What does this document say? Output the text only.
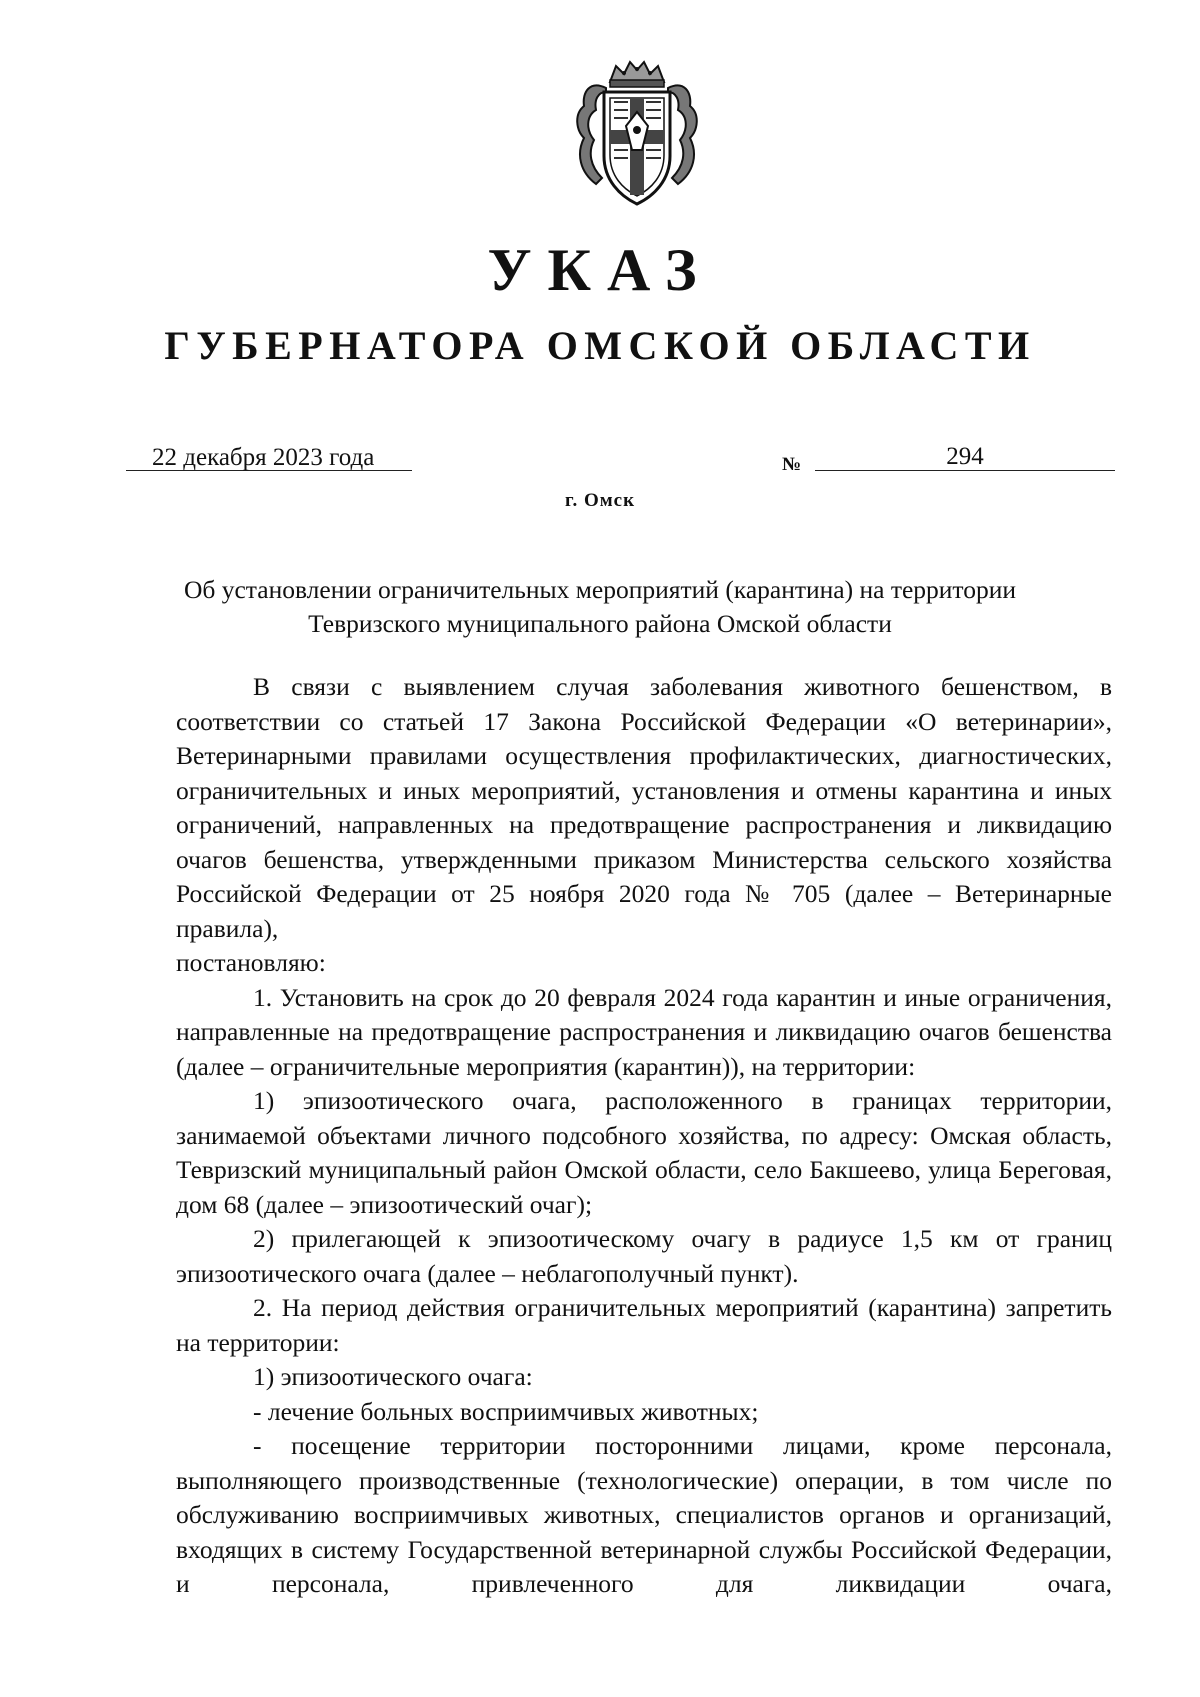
УКАЗ
ГУБЕРНАТОРА ОМСКОЙ ОБЛАСТИ
22 декабря 2023 года	№	294
г. Омск
Об установлении ограничительных мероприятий (карантина) на территории
Тевризского муниципального района Омской области

В связи с выявлением случая заболевания животного бешенством, в соответствии со статьей 17 Закона Российской Федерации «О ветеринарии», Ветеринарными правилами осуществления профилактических, диагностических, ограничительных и иных мероприятий, установления и отмены карантина и иных ограничений, направленных на предотвращение распространения и ликвидацию очагов бешенства, утвержденными приказом Министерства сельского хозяйства Российской Федерации от 25 ноября 2020 года № 705 (далее – Ветеринарные правила),

постановляю:

1. Установить на срок до 20 февраля 2024 года карантин и иные ограничения, направленные на предотвращение распространения и ликвидацию очагов бешенства (далее – ограничительные мероприятия (карантин)), на территории:

1) эпизоотического очага, расположенного в границах территории, занимаемой объектами личного подсобного хозяйства, по адресу: Омская область, Тевризский муниципальный район Омской области, село Бакшеево, улица Береговая, дом 68 (далее – эпизоотический очаг);

2) прилегающей к эпизоотическому очагу в радиусе 1,5 км от границ эпизоотического очага (далее – неблагополучный пункт).

2. На период действия ограничительных мероприятий (карантина) запретить на территории:

1) эпизоотического очага:

- лечение больных восприимчивых животных;

- посещение территории посторонними лицами, кроме персонала, выполняющего производственные (технологические) операции, в том числе по обслуживанию восприимчивых животных, специалистов органов и организаций, входящих в систему Государственной ветеринарной службы Российской Федерации, и персонала, привлеченного для ликвидации очага,
